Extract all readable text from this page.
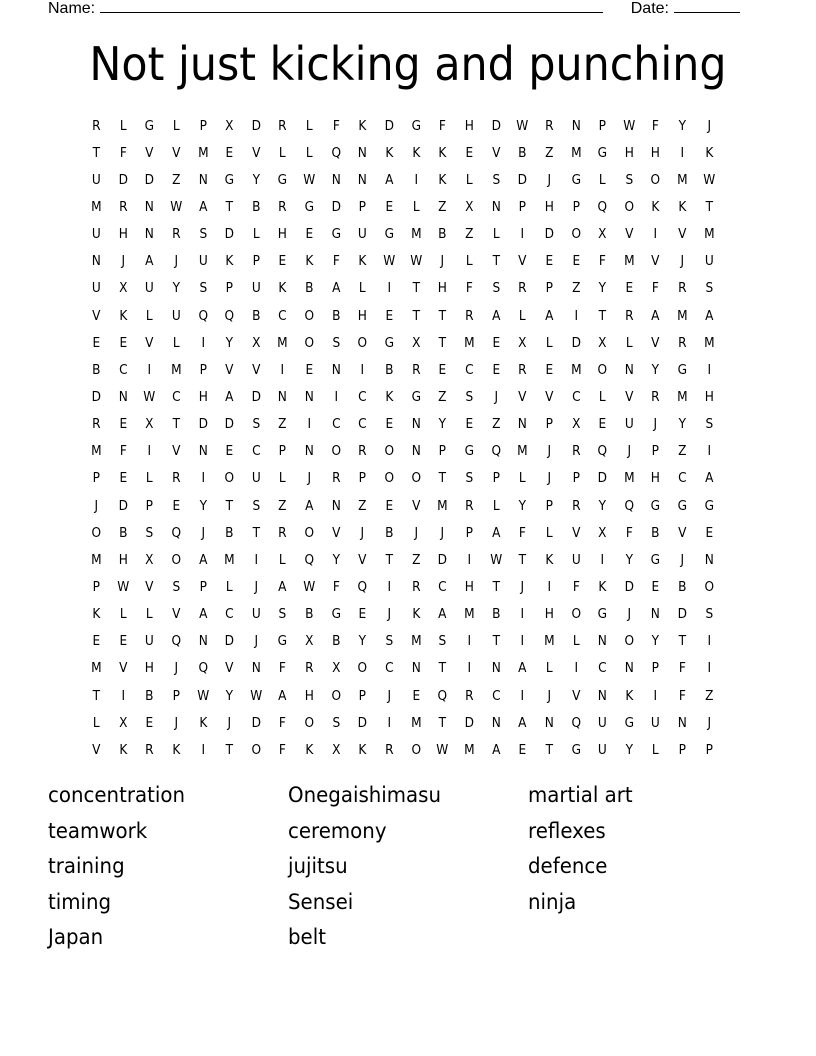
Name:	Date:
Not just kicking and punching
R	L	G	L	P	X	D	R	L	F	K	D	G	F	H	D	W	R	N	P	W	F	Y	J
T	F	V	V	M	E	V	L	L	Q	N	K	K	K	E	V	B	Z	M	G	H	H	I	K
U	D	D	Z	N	G	Y	G	W	N	N	A	I	K	L	S	D	J	G	L	S	O	M	W
M	R	N	W	A	T	B	R	G	D	P	E	L	Z	X	N	P	H	P	Q	O	K	K	T
U	H	N	R	S	D	L	H	E	G	U	G	M	B	Z	L	I	D	O	X	V	I	V	M
N	J	A	J	U	K	P	E	K	F	K	W	W	J	L	T	V	E	E	F	M	V	J	U
U	X	U	Y	S	P	U	K	B	A	L	I	T	H	F	S	R	P	Z	Y	E	F	R	S
V	K	L	U	Q	Q	B	C	O	B	H	E	T	T	R	A	L	A	I	T	R	A	M	A
E	E	V	L	I	Y	X	M	O	S	O	G	X	T	M	E	X	L	D	X	L	V	R	M
B	C	I	M	P	V	V	I	E	N	I	B	R	E	C	E	R	E	M	O	N	Y	G	I
D	N	W	C	H	A	D	N	N	I	C	K	G	Z	S	J	V	V	C	L	V	R	M	H
R	E	X	T	D	D	S	Z	I	C	C	E	N	Y	E	Z	N	P	X	E	U	J	Y	S
M	F	I	V	N	E	C	P	N	O	R	O	N	P	G	Q	M	J	R	Q	J	P	Z	I
P	E	L	R	I	O	U	L	J	R	P	O	O	T	S	P	L	J	P	D	M	H	C	A
J	D	P	E	Y	T	S	Z	A	N	Z	E	V	M	R	L	Y	P	R	Y	Q	G	G	G
O	B	S	Q	J	B	T	R	O	V	J	B	J	J	P	A	F	L	V	X	F	B	V	E
M	H	X	O	A	M	I	L	Q	Y	V	T	Z	D	I	W	T	K	U	I	Y	G	J	N
P	W	V	S	P	L	J	A	W	F	Q	I	R	C	H	T	J	I	F	K	D	E	B	O
K	L	L	V	A	C	U	S	B	G	E	J	K	A	M	B	I	H	O	G	J	N	D	S
E	E	U	Q	N	D	J	G	X	B	Y	S	M	S	I	T	I	M	L	N	O	Y	T	I
M	V	H	J	Q	V	N	F	R	X	O	C	N	T	I	N	A	L	I	C	N	P	F	I
T	I	B	P	W	Y	W	A	H	O	P	J	E	Q	R	C	I	J	V	N	K	I	F	Z
L	X	E	J	K	J	D	F	O	S	D	I	M	T	D	N	A	N	Q	U	G	U	N	J
V	K	R	K	I	T	O	F	K	X	K	R	O	W	M	A	E	T	G	U	Y	L	P	P
concentration	Onegaishimasu	martial art
teamwork	ceremony	reflexes
training	jujitsu	defence
timing	Sensei	ninja
Japan	belt
